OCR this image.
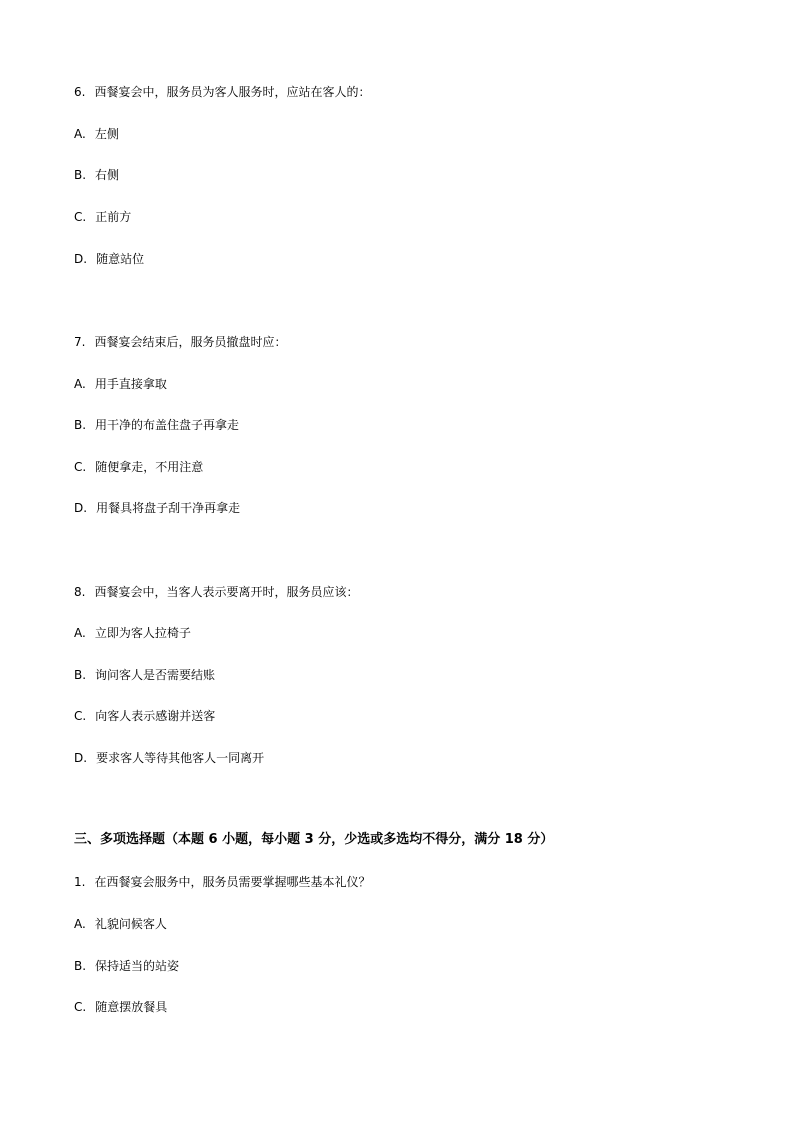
6. 西餐宴会中，服务员为客人服务时，应站在客人的：
A. 左侧
B. 右侧
C. 正前方
D. 随意站位
7. 西餐宴会结束后，服务员撤盘时应：
A. 用手直接拿取
B. 用干净的布盖住盘子再拿走
C. 随便拿走，不用注意
D. 用餐具将盘子刮干净再拿走
8. 西餐宴会中，当客人表示要离开时，服务员应该：
A. 立即为客人拉椅子
B. 询问客人是否需要结账
C. 向客人表示感谢并送客
D. 要求客人等待其他客人一同离开
三、多项选择题（本题 6 小题，每小题 3 分，少选或多选均不得分，满分 18 分）
1. 在西餐宴会服务中，服务员需要掌握哪些基本礼仪？
A. 礼貌问候客人
B. 保持适当的站姿
C. 随意摆放餐具
